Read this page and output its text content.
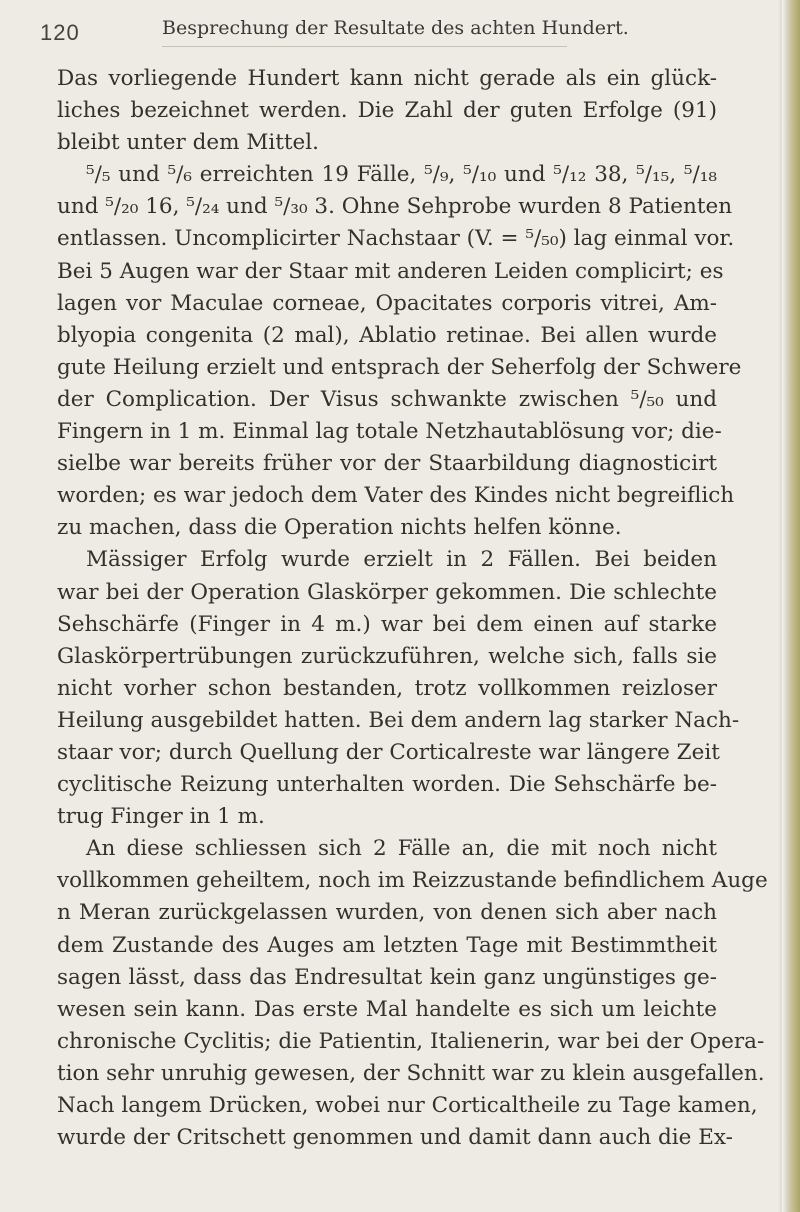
120	Besprechung der Resultate des achten Hundert.
Das vorliegende Hundert kann nicht gerade als ein glück-
liches bezeichnet werden. Die Zahl der guten Erfolge (91)
bleibt unter dem Mittel.
⁵/₅ und ⁵/₆ erreichten 19 Fälle, ⁵/₉, ⁵/₁₀ und ⁵/₁₂ 38, ⁵/₁₅, ⁵/₁₈
und ⁵/₂₀ 16, ⁵/₂₄ und ⁵/₃₀ 3. Ohne Sehprobe wurden 8 Patienten
entlassen. Uncomplicirter Nachstaar (V. = ⁵/₅₀) lag einmal vor.
Bei 5 Augen war der Staar mit anderen Leiden complicirt; es
lagen vor Maculae corneae, Opacitates corporis vitrei, Am-
blyopia congenita (2 mal), Ablatio retinae. Bei allen wurde
gute Heilung erzielt und entsprach der Seherfolg der Schwere
der Complication. Der Visus schwankte zwischen ⁵/₅₀ und
Fingern in 1 m. Einmal lag totale Netzhautablösung vor; die-
sielbe war bereits früher vor der Staarbildung diagnosticirt
worden; es war jedoch dem Vater des Kindes nicht begreiflich
zu machen, dass die Operation nichts helfen könne.
Mässiger Erfolg wurde erzielt in 2 Fällen. Bei beiden
war bei der Operation Glaskörper gekommen. Die schlechte
Sehschärfe (Finger in 4 m.) war bei dem einen auf starke
Glaskörpertrübungen zurückzuführen, welche sich, falls sie
nicht vorher schon bestanden, trotz vollkommen reizloser
Heilung ausgebildet hatten. Bei dem andern lag starker Nach-
staar vor; durch Quellung der Corticalreste war längere Zeit
cyclitische Reizung unterhalten worden. Die Sehschärfe be-
trug Finger in 1 m.
An diese schliessen sich 2 Fälle an, die mit noch nicht
vollkommen geheiltem, noch im Reizzustande befindlichem Auge
n Meran zurückgelassen wurden, von denen sich aber nach
dem Zustande des Auges am letzten Tage mit Bestimmtheit
sagen lässt, dass das Endresultat kein ganz ungünstiges ge-
wesen sein kann. Das erste Mal handelte es sich um leichte
chronische Cyclitis; die Patientin, Italienerin, war bei der Opera-
tion sehr unruhig gewesen, der Schnitt war zu klein ausgefallen.
Nach langem Drücken, wobei nur Corticaltheile zu Tage kamen,
wurde der Critschett genommen und damit dann auch die Ex-
